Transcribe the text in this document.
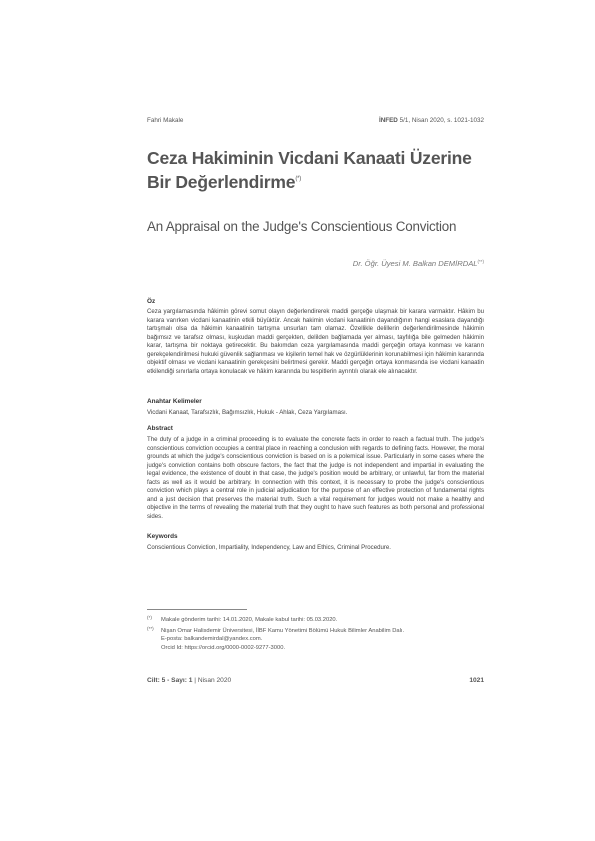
Fahri Makale	İNFED 5/1, Nisan 2020, s. 1021-1032
Ceza Hakiminin Vicdani Kanaati Üzerine
Bir Değerlendirme(*)
An Appraisal on the Judge's Conscientious Conviction
Dr. Öğr. Üyesi M. Balkan DEMİRDAL(**)
Öz
Ceza yargılamasında hâkimin görevi somut olayın değerlendirerek maddi gerçeğe ulaşmak bir karara varmaktır. Hâkim bu karara varırken vicdani kanaatinin etkili büyüktür. Ancak hakimin vicdani kanaatinin dayandığının hangi esaslara dayandığı tartışmalı olsa da hâkimin kanaatinin tartışma unsurları tam olamaz. Özellikle delillerin değerlendirilmesinde hâkimin bağımsız ve tarafsız olması, kuşkudan maddi gerçekten, delilden bağlamada yer alması, tayfılığa bile gelmeden hâkimin karar, tartışma bir noktaya getirecektir. Bu bakımdan ceza yargılamasında maddi gerçeğin ortaya konması ve kararın gerekçelendirilmesi hukuki güvenlik sağlanması ve kişilerin temel hak ve özgürlüklerinin korunabilmesi için hâkimin kararında objektif olması ve vicdani kanaatinin gerekçesini belirtmesi gerekir. Maddi gerçeğin ortaya konmasında ise vicdani kanaatin etkilendiği sınırlarla ortaya konulacak ve hâkim kararında bu tespitlerin ayrıntılı olarak ele alınacaktır.
Anahtar Kelimeler
Vicdani Kanaat, Tarafsızlık, Bağımsızlık, Hukuk - Ahlak, Ceza Yargılaması.
Abstract
The duty of a judge in a criminal proceeding is to evaluate the concrete facts in order to reach a factual truth. The judge's conscientious conviction occupies a central place in reaching a conclusion with regards to defining facts. However, the moral grounds at which the judge's conscientious conviction is based on is a polemical issue. Particularly in some cases where the judge's conviction contains both obscure factors, the fact that the judge is not independent and impartial in evaluating the legal evidence, the existence of doubt in that case, the judge's position would be arbitrary, or unlawful, far from the material facts as well as it would be arbitrary. In connection with this context, it is necessary to probe the judge's conscientious conviction which plays a central role in judicial adjudication for the purpose of an effective protection of fundamental rights and a just decision that preserves the material truth. Such a vital requirement for judges would not make a healthy and objective in the terms of revealing the material truth that they ought to have such features as both personal and professional sides.
Keywords
Conscientious Conviction, Impartiality, Independency, Law and Ethics, Criminal Procedure.
(*) Makale gönderim tarihi: 14.01.2020, Makale kabul tarihi: 05.03.2020.
(**) Nişan Omar Halisdemir Üniversitesi, İİBF Kamu Yönetimi Bölümü Hukuk Bilimler Anabilim Dalı.
E-posta: balkandemirdal@yandex.com.
Orcid Id: https://orcid.org/0000-0002-9277-3000.
Cilt: 5 - Sayı: 1 | Nisan 2020	1021
